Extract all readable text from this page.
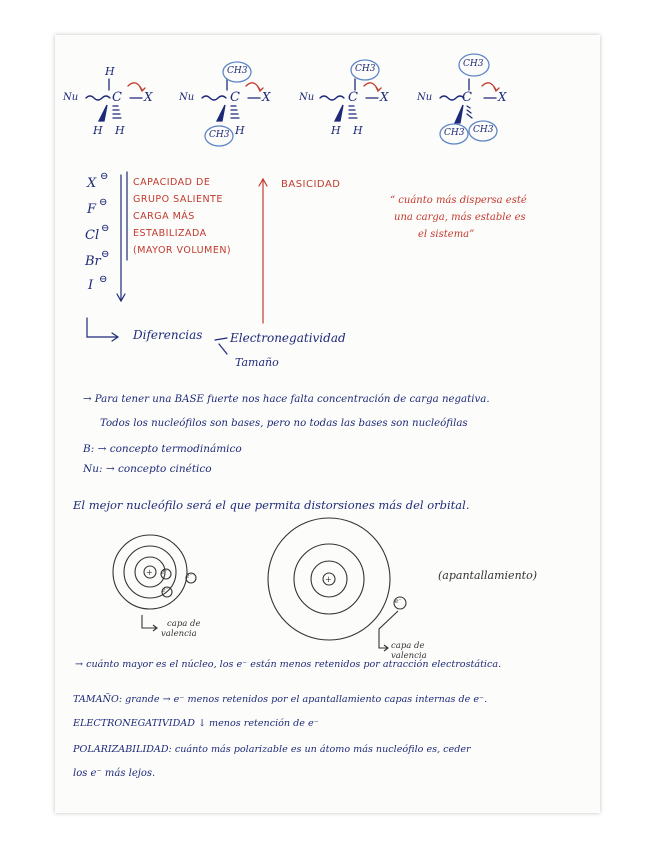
H
Nu	C X
H H
CH3
Nu	C X
CH3 H
CH3
Nu	C X
H H
CH3
Nu C X
CH3 CH3
X
F
Cl
Br
I
⊖
⊖
⊖
⊖
⊖
CAPACIDAD DE
GRUPO SALIENTE
CARGA MÁS
ESTABILIZADA
(MAYOR VOLUMEN)
BASICIDAD
“ cuánto más dispersa esté
una carga, más estable es
el sistema”
Diferencias Electronegatividad
Tamaño
→ Para tener una BASE fuerte nos hace falta concentración de carga negativa.
Todos los nucleófilos son bases, pero no todas las bases son nucleófilas
B: → concepto termodinámico
Nu: → concepto cinético
El mejor nucleófilo será el que permita distorsiones más del orbital.
+
+
e⁻
e⁻
e⁻
e⁻
capa de
valencia
capa de
valencia
(apantallamiento)
→ cuánto mayor es el núcleo, los e⁻ están menos retenidos por atracción electrostática.
TAMAÑO: grande → e⁻ menos retenidos por el apantallamiento capas internas de e⁻.
ELECTRONEGATIVIDAD ↓ menos retención de e⁻
POLARIZABILIDAD: cuánto más polarizable es un átomo más nucleófilo es, ceder
los e⁻ más lejos.
